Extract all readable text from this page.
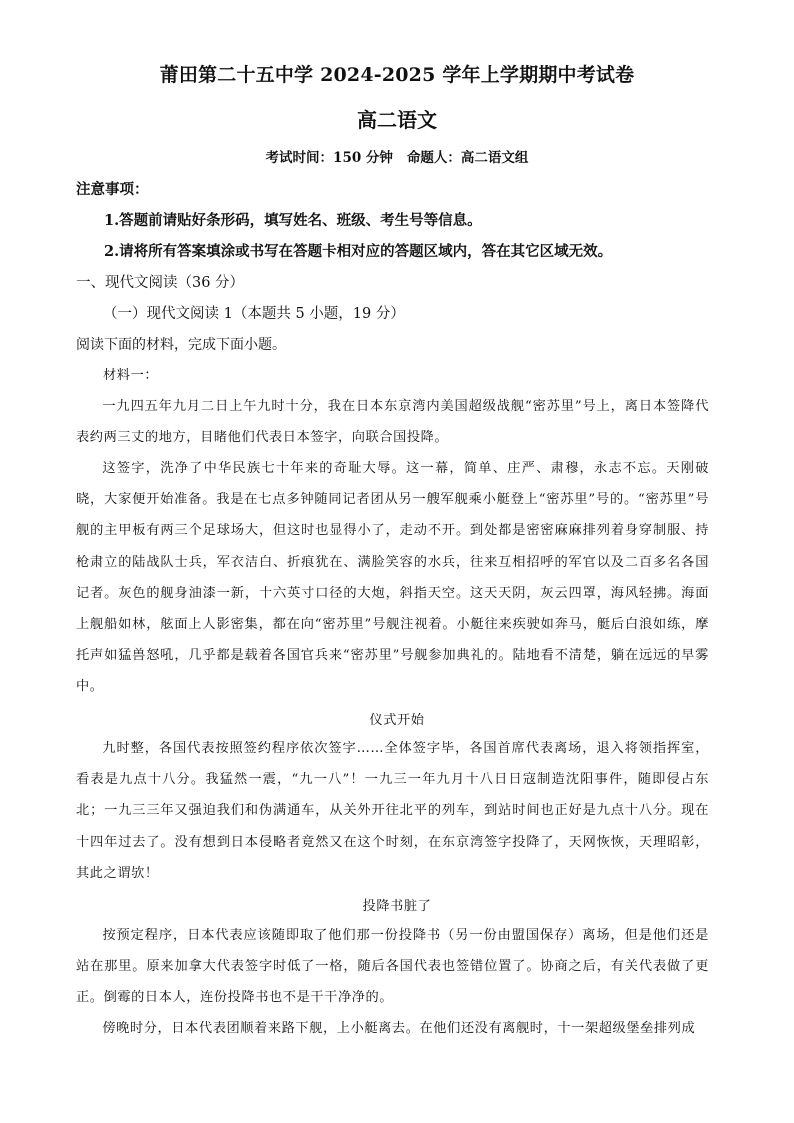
莆田第二十五中学 2024-2025 学年上学期期中考试卷
高二语文
考试时间：150 分钟 命题人：高二语文组
注意事项：
1.答题前请贴好条形码，填写姓名、班级、考生号等信息。
2.请将所有答案填涂或书写在答题卡相对应的答题区域内，答在其它区域无效。
一、现代文阅读（36 分）
（一）现代文阅读 1（本题共 5 小题，19 分）
阅读下面的材料，完成下面小题。
材料一：
一九四五年九月二日上午九时十分，我在日本东京湾内美国超级战舰“密苏里”号上，离日本签降代表约两三丈的地方，目睹他们代表日本签字，向联合国投降。
这签字，洗净了中华民族七十年来的奇耻大辱。这一幕，简单、庄严、肃穆，永志不忘。天刚破晓，大家便开始准备。我是在七点多钟随同记者团从另一艘军舰乘小艇登上“密苏里”号的。“密苏里”号舰的主甲板有两三个足球场大，但这时也显得小了，走动不开。到处都是密密麻麻排列着身穿制服、持枪肃立的陆战队士兵，军衣洁白、折痕犹在、满脸笑容的水兵，往来互相招呼的军官以及二百多名各国记者。灰色的舰身油漆一新，十六英寸口径的大炮，斜指天空。这天天阴，灰云四罩，海风轻拂。海面上舰船如林，舷面上人影密集，都在向“密苏里”号舰注视着。小艇往来疾驶如奔马，艇后白浪如练，摩托声如猛兽怒吼，几乎都是载着各国官兵来“密苏里”号舰参加典礼的。陆地看不清楚，躺在远远的早雾中。
仪式开始
九时整，各国代表按照签约程序依次签字……全体签字毕，各国首席代表离场，退入将领指挥室，看表是九点十八分。我猛然一震，“九一八”！一九三一年九月十八日日寇制造沈阳事件，随即侵占东北；一九三三年又强迫我们和伪满通车，从关外开往北平的列车，到站时间也正好是九点十八分。现在十四年过去了。没有想到日本侵略者竟然又在这个时刻，在东京湾签字投降了，天网恢恢，天理昭彰，其此之谓欤！
投降书脏了
按预定程序，日本代表应该随即取了他们那一份投降书（另一份由盟国保存）离场，但是他们还是站在那里。原来加拿大代表签字时低了一格，随后各国代表也签错位置了。协商之后，有关代表做了更正。倒霉的日本人，连份投降书也不是干干净净的。
傍晚时分，日本代表团顺着来路下舰，上小艇离去。在他们还没有离舰时，十一架超级堡垒排列成
